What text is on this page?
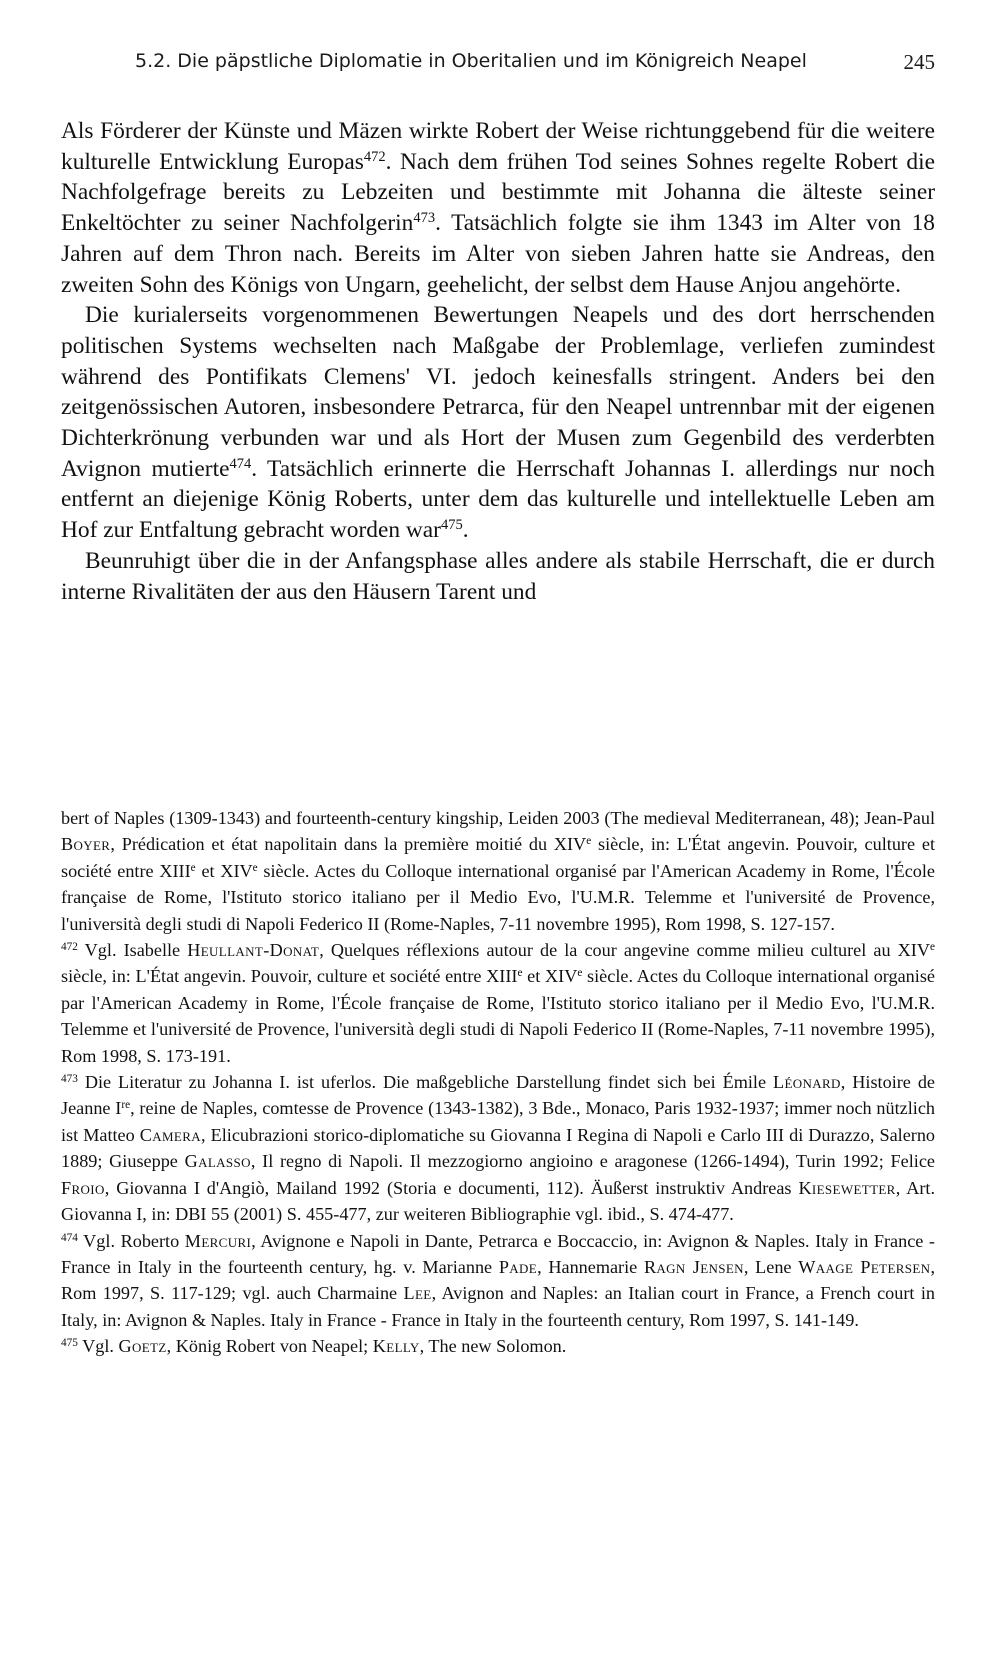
5.2. Die päpstliche Diplomatie in Oberitalien und im Königreich Neapel	245

Als Förderer der Künste und Mäzen wirkte Robert der Weise richtunggebend für die weitere kulturelle Entwicklung Europas$^{472}$. Nach dem frühen Tod seines Sohnes regelte Robert die Nachfolgefrage bereits zu Lebzeiten und bestimmte mit Johanna die älteste seiner Enkeltöchter zu seiner Nachfolgerin$^{473}$. Tatsächlich folgte sie ihm 1343 im Alter von 18 Jahren auf dem Thron nach. Bereits im Alter von sieben Jahren hatte sie Andreas, den zweiten Sohn des Königs von Ungarn, geehelicht, der selbst dem Hause Anjou angehörte.

Die kurialerseits vorgenommenen Bewertungen Neapels und des dort herrschenden politischen Systems wechselten nach Maßgabe der Problemlage, verliefen zumindest während des Pontifikats Clemens' VI. jedoch keinesfalls stringent. Anders bei den zeitgenössischen Autoren, insbesondere Petrarca, für den Neapel untrennbar mit der eigenen Dichterkrönung verbunden war und als Hort der Musen zum Gegenbild des verderbten Avignon mutierte$^{474}$. Tatsächlich erinnerte die Herrschaft Johannas I. allerdings nur noch entfernt an diejenige König Roberts, unter dem das kulturelle und intellektuelle Leben am Hof zur Entfaltung gebracht worden war$^{475}$.

Beunruhigt über die in der Anfangsphase alles andere als stabile Herrschaft, die er durch interne Rivalitäten der aus den Häusern Tarent und

bert of Naples (1309-1343) and fourteenth-century kingship, Leiden 2003 (The medieval Mediterranean, 48); Jean-Paul Boyer, Prédication et état napolitain dans la première moitié du XIVe siècle, in: L'État angevin. Pouvoir, culture et société entre XIIIe et XIVe siècle. Actes du Colloque international organisé par l'American Academy in Rome, l'École française de Rome, l'Istituto storico italiano per il Medio Evo, l'U.M.R. Telemme et l'université de Provence, l'università degli studi di Napoli Federico II (Rome-Naples, 7-11 novembre 1995), Rom 1998, S. 127-157.

$^{472}$ Vgl. Isabelle Heullant-Donat, Quelques réflexions autour de la cour angevine comme milieu culturel au XIVe siècle, in: L'État angevin. Pouvoir, culture et société entre XIIIe et XIVe siècle. Actes du Colloque international organisé par l'American Academy in Rome, l'École française de Rome, l'Istituto storico italiano per il Medio Evo, l'U.M.R. Telemme et l'université de Provence, l'università degli studi di Napoli Federico II (Rome-Naples, 7-11 novembre 1995), Rom 1998, S. 173-191.

$^{473}$ Die Literatur zu Johanna I. ist uferlos. Die maßgebliche Darstellung findet sich bei Émile Léonard, Histoire de Jeanne Ire, reine de Naples, comtesse de Provence (1343-1382), 3 Bde., Monaco, Paris 1932-1937; immer noch nützlich ist Matteo Camera, Elicubrazioni storico-diplomatiche su Giovanna I Regina di Napoli e Carlo III di Durazzo, Salerno 1889; Giuseppe Galasso, Il regno di Napoli. Il mezzogiorno angioino e aragonese (1266-1494), Turin 1992; Felice Froio, Giovanna I d'Angiò, Mailand 1992 (Storia e documenti, 112). Äußerst instruktiv Andreas Kiesewetter, Art. Giovanna I, in: DBI 55 (2001) S. 455-477, zur weiteren Bibliographie vgl. ibid., S. 474-477.

$^{474}$ Vgl. Roberto Mercuri, Avignone e Napoli in Dante, Petrarca e Boccaccio, in: Avignon & Naples. Italy in France - France in Italy in the fourteenth century, hg. v. Marianne Pade, Hannemarie Ragn Jensen, Lene Waage Petersen, Rom 1997, S. 117-129; vgl. auch Charmaine Lee, Avignon and Naples: an Italian court in France, a French court in Italy, in: Avignon & Naples. Italy in France - France in Italy in the fourteenth century, Rom 1997, S. 141-149.

$^{475}$ Vgl. Goetz, König Robert von Neapel; Kelly, The new Solomon.
